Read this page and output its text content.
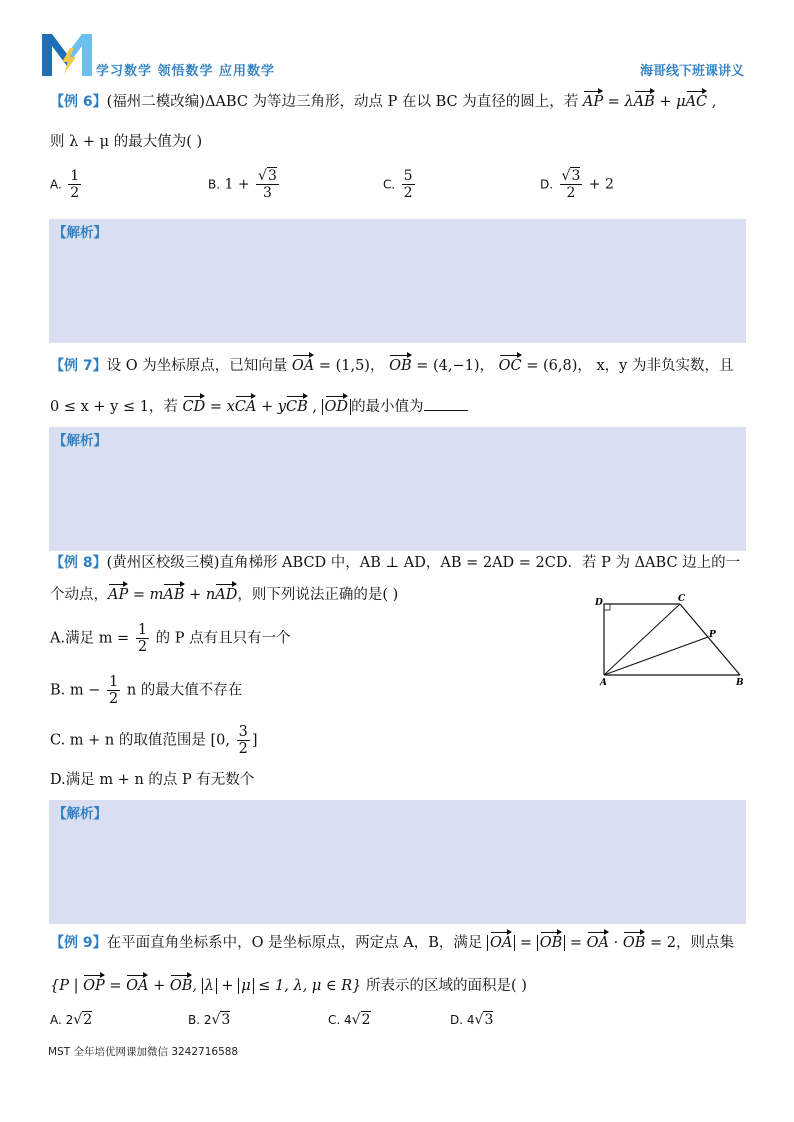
学习数学 领悟数学 应用数学	海哥线下班课讲义
【例 6】(福州二模改编)ΔABC 为等边三角形，动点 P 在以 BC 为直径的圆上，若 AP = λAB + μAC ,
则 λ + μ 的最大值为( )
A. $\frac{1}{2}$	B. $1 + \frac{√3}{3}$	C. $\frac{5}{2}$	D. $\frac{√3}{2} + 2$
【解析】
【例 7】设 O 为坐标原点，已知向量 OA = (1,5)， OB = (4,−1)， OC = (6,8)， x，y 为非负实数，且
0 ≤ x + y ≤ 1，若 CD = xCA + yCB , OD 的最小值为
【解析】
【例 8】(黄州区校级三模)直角梯形 ABCD 中，AB ⊥ AD，AB = 2AD = 2CD．若 P 为 ΔABC 边上的一
个动点，AP = mAB + nAD，则下列说法正确的是( )
A.满足 $m = \frac{1}{2}$ 的 P 点有且只有一个
B. $m - \frac{1}{2}$ n 的最大值不存在
C. m + n 的取值范围是 [0, $\frac{3}{2}$ ]
D.满足 m + n 的点 P 有无数个
D	C
P
A	B
【解析】
【例 9】在平面直角坐标系中，O 是坐标原点，两定点 A，B，满足 OA = OB = OA · OB = 2，则点集
{P | OP = OA + OB, λ + μ ≤ 1, λ, μ ∈ R} 所表示的区域的面积是( )
A. 2√2	B. 2√3	C. 4√2	D. 4√3
MST 全年培优网课加微信 3242716588
